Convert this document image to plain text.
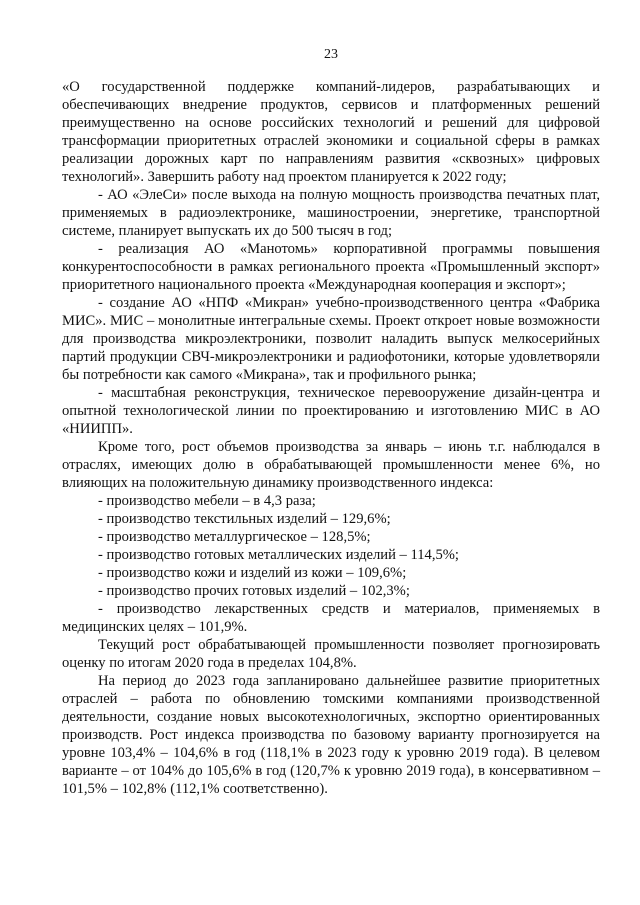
23

«О государственной поддержке компаний-лидеров, разрабатывающих и обеспечивающих внедрение продуктов, сервисов и платформенных решений преимущественно на основе российских технологий и решений для цифровой трансформации приоритетных отраслей экономики и социальной сферы в рамках реализации дорожных карт по направлениям развития «сквозных» цифровых технологий». Завершить работу над проектом планируется к 2022 году;

- АО «ЭлеСи» после выхода на полную мощность производства печатных плат, применяемых в радиоэлектронике, машиностроении, энергетике, транспортной системе, планирует выпускать их до 500 тысяч в год;

- реализация АО «Манотомь» корпоративной программы повышения конкурентоспособности в рамках регионального проекта «Промышленный экспорт» приоритетного национального проекта «Международная кооперация и экспорт»;

- создание АО «НПФ «Микран» учебно-производственного центра «Фабрика МИС». МИС – монолитные интегральные схемы. Проект откроет новые возможности для производства микроэлектроники, позволит наладить выпуск мелкосерийных партий продукции СВЧ-микроэлектроники и радиофотоники, которые удовлетворяли бы потребности как самого «Микрана», так и профильного рынка;

- масштабная реконструкция, техническое перевооружение дизайн-центра и опытной технологической линии по проектированию и изготовлению МИС в АО «НИИПП».

Кроме того, рост объемов производства за январь – июнь т.г. наблюдался в отраслях, имеющих долю в обрабатывающей промышленности менее 6%, но влияющих на положительную динамику производственного индекса:

- производство мебели – в 4,3 раза;

- производство текстильных изделий – 129,6%;

- производство металлургическое – 128,5%;

- производство готовых металлических изделий – 114,5%;

- производство кожи и изделий из кожи – 109,6%;

- производство прочих готовых изделий – 102,3%;

- производство лекарственных средств и материалов, применяемых в медицинских целях – 101,9%.

Текущий рост обрабатывающей промышленности позволяет прогнозировать оценку по итогам 2020 года в пределах 104,8%.

На период до 2023 года запланировано дальнейшее развитие приоритетных отраслей – работа по обновлению томскими компаниями производственной деятельности, создание новых высокотехнологичных, экспортно ориентированных производств. Рост индекса производства по базовому варианту прогнозируется на уровне 103,4% – 104,6% в год (118,1% в 2023 году к уровню 2019 года). В целевом варианте – от 104% до 105,6% в год (120,7% к уровню 2019 года), в консервативном – 101,5% – 102,8% (112,1% соответственно).
